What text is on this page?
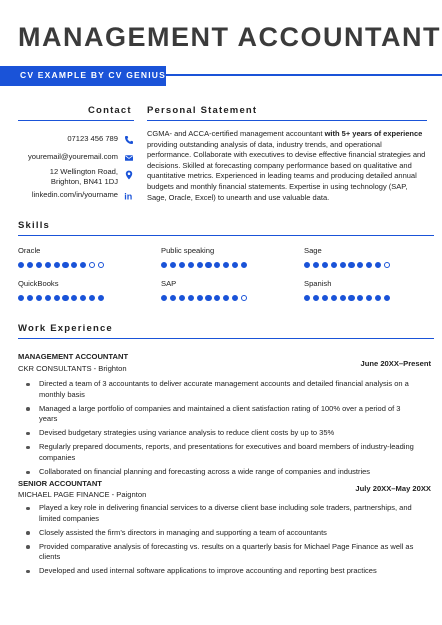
MANAGEMENT ACCOUNTANT
CV EXAMPLE BY CV GENIUS
Contact
07123 456 789
youremail@youremail.com
12 Wellington Road,
Brighton, BN41 1DJ
linkedin.com/in/yourname in
Personal Statement

CGMA- and ACCA-certified management accountant with 5+ years of experience providing outstanding analysis of data, industry trends, and operational performance. Collaborate with executives to devise effective financial strategies and decisions. Skilled at forecasting company performance based on qualitative and quantitative metrics. Experienced in leading teams and producing detailed annual budgets and monthly financial statements. Expertise in using technology (SAP, Sage, Oracle, Excel) to unearth and use valuable data.

Skills
Oracle	Public speaking	Sage
QuickBooks	SAP	Spanish
Work Experience
MANAGEMENT ACCOUNTANT
CKR CONSULTANTS - Brighton
June 20XX–Present
Directed a team of 3 accountants to deliver accurate management accounts and detailed financial analysis on a monthly basis
Managed a large portfolio of companies and maintained a client satisfaction rating of 100% over a period of 3 years
Devised budgetary strategies using variance analysis to reduce client costs by up to 35%
Regularly prepared documents, reports, and presentations for executives and board members of industry-leading companies
Collaborated on financial planning and forecasting across a wide range of companies and industries
SENIOR ACCOUNTANT
MICHAEL PAGE FINANCE - Paignton
July 20XX–May 20XX
Played a key role in delivering financial services to a diverse client base including sole traders, partnerships, and limited companies
Closely assisted the firm’s directors in managing and supporting a team of accountants
Provided comparative analysis of forecasting vs. results on a quarterly basis for Michael Page Finance as well as clients
Developed and used internal software applications to improve accounting and reporting best practices
